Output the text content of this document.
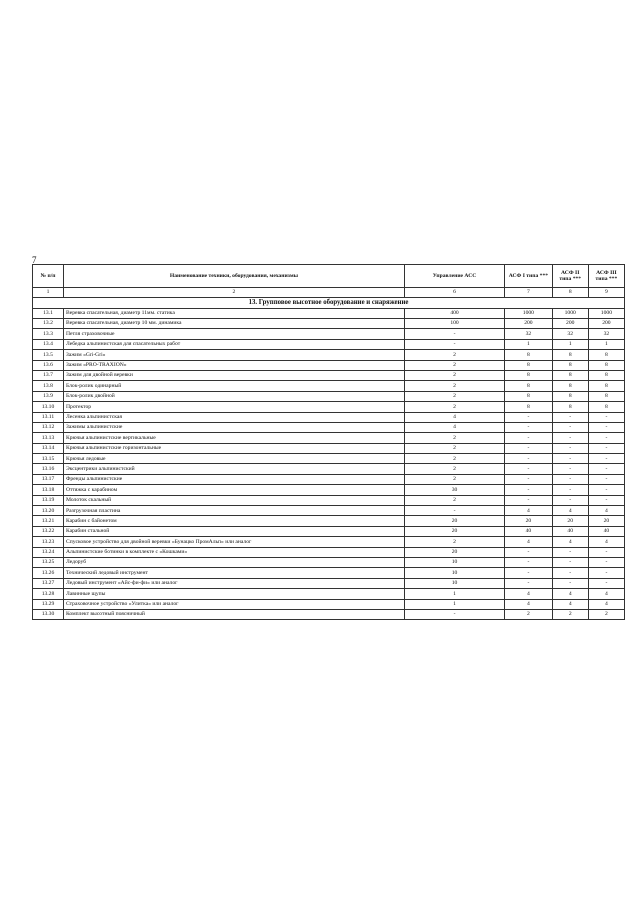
7
№ п/п	Наименование техники, оборудования, механизмы	Управление АСС	АСФ I типа ***	АСФ II типа ***	АСФ III типа ***
1	2	6	7	8	9
13. Групповое высотное оборудование и снаряжение					
13.1	Веревка спасательная, диаметр 11мм. статика	400	1000	1000	1000
13.2	Веревка спасательная, диаметр 10 мм. динамика	100	200	200	200
13.3	Петля страховочные	-	32	32	32
13.4	Лебедка альпинистская для спасательных работ	-	1	1	1
13.5	Зажим «Gri-Gri»	2	8	8	8
13.6	Зажим «PRO-TRAXION»	2	8	8	8
13.7	Зажим для двойной веревки	2	8	8	8
13.8	Блок-ролик одинарный	2	8	8	8
13.9	Блок-ролик двойной	2	8	8	8
13.10	Протектор	2	8	8	8
13.11	Лесенка альпинистская	4	-	-	-
13.12	Зажимы альпинистские	4	-	-	-
13.13	Крючья альпинистские вертикальные	2	-	-	-
13.14	Крючья альпинистские горизонтальные	2	-	-	-
13.15	Крючья ледовые	2	-	-	-
13.16	Эксцентрики альпинистский	2	-	-	-
13.17	Френды альпинистские	2	-	-	-
13.18	Оттяжка с карабином	30	-	-	-
13.19	Молоток скальный	2	-	-	-
13.20	Разгрузочная пластина	-	4	4	4
13.21	Карабин с байонетом	20	20	20	20
13.22	Карабин стальной	20	40	40	40
13.23	Спусковое устройство для двойной веревки «Бунацко ПромАльп» или аналог	2	4	4	4
13.24	Альпинистские ботинки в комплекте с «Кошками»	20	-	-	-
13.25	Ледоруб	10	-	-	-
13.26	Технический ледовый инструмент	10	-	-	-
13.27	Ледовый инструмент «Айс-фи-фи» или аналог	10	-	-	-
13.28	Лавинные щупы	1	4	4	4
13.29	Страховочное устройство «Улитка» или аналог	1	4	4	4
13.30	Комплект высотный поясничный	-	2	2	2
